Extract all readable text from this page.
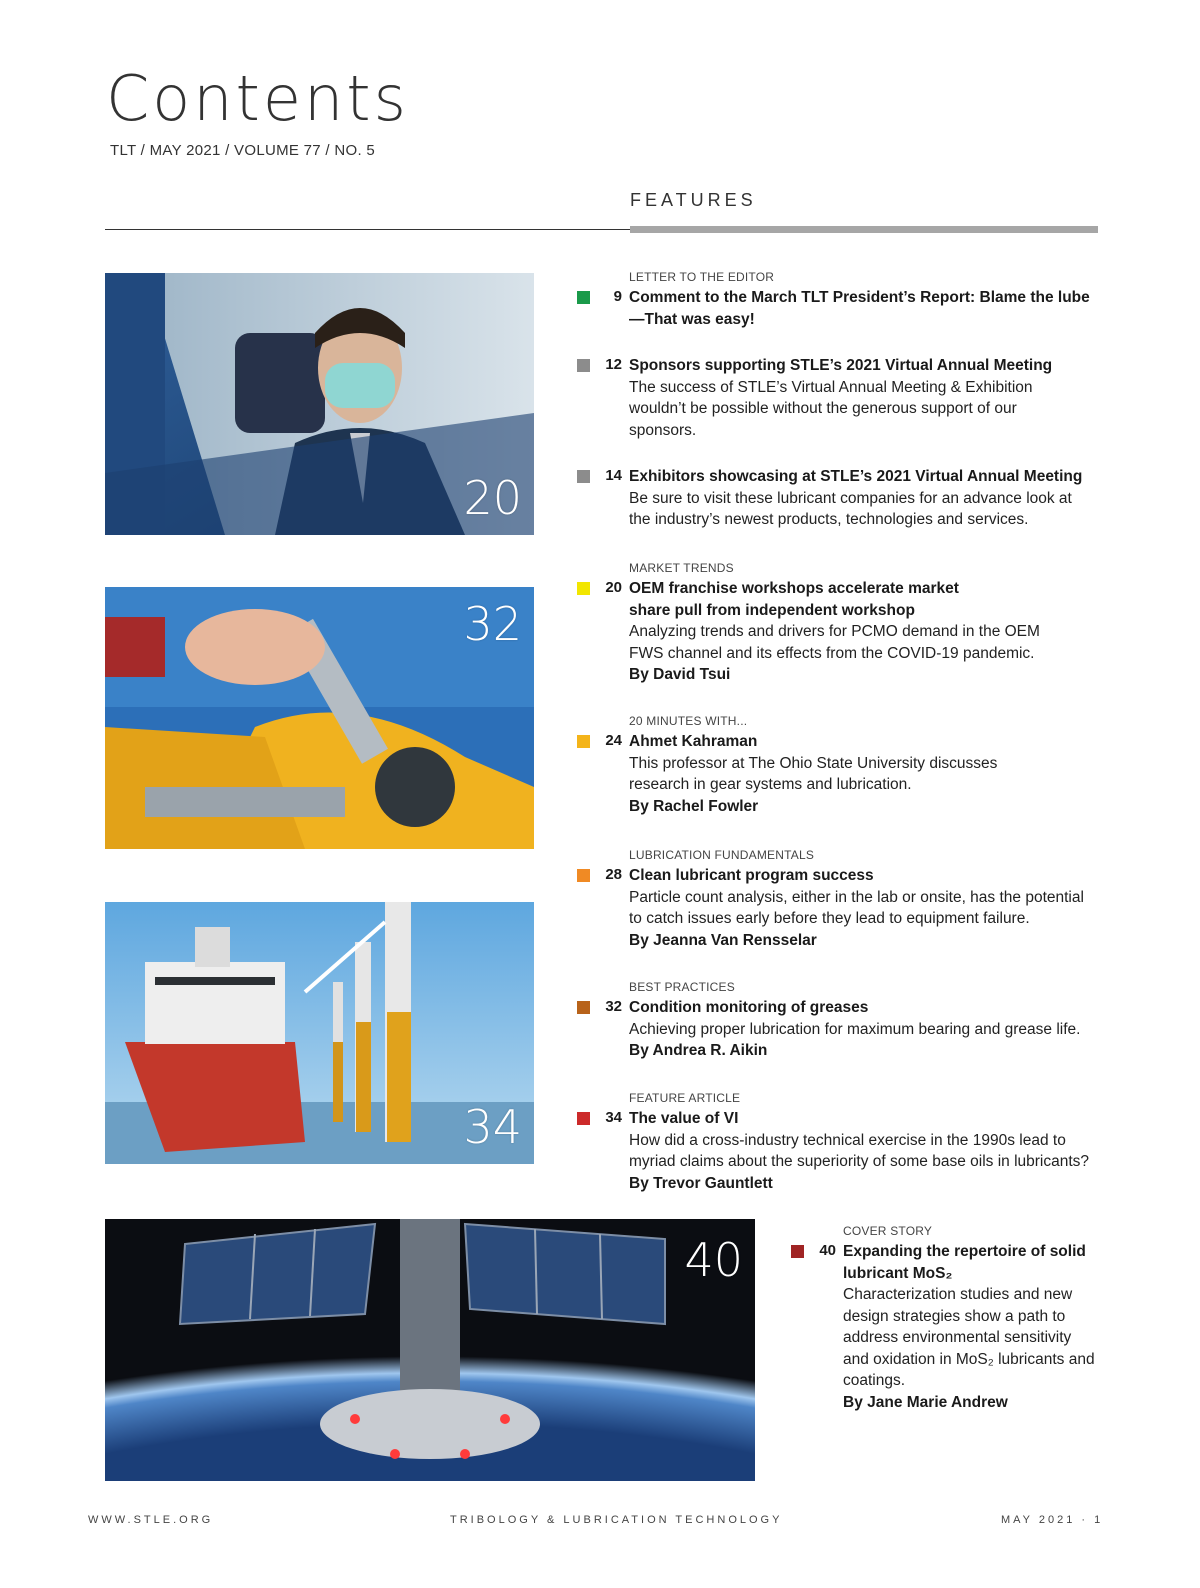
Contents
TLT / MAY 2021 / VOLUME 77 / NO. 5
FEATURES
20
32
34
40
LETTER TO THE EDITOR
9 Comment to the March TLT President’s Report: Blame the lube—That was easy!
12 Sponsors supporting STLE’s 2021 Virtual Annual Meeting
The success of STLE’s Virtual Annual Meeting & Exhibition wouldn’t be possible without the generous support of our sponsors.
14 Exhibitors showcasing at STLE’s 2021 Virtual Annual Meeting
Be sure to visit these lubricant companies for an advance look at the industry’s newest products, technologies and services.
MARKET TRENDS
20 OEM franchise workshops accelerate market share pull from independent workshop
Analyzing trends and drivers for PCMO demand in the OEM FWS channel and its effects from the COVID-19 pandemic.
By David Tsui
20 MINUTES WITH...
24 Ahmet Kahraman
This professor at The Ohio State University discusses research in gear systems and lubrication.
By Rachel Fowler
LUBRICATION FUNDAMENTALS
28 Clean lubricant program success
Particle count analysis, either in the lab or onsite, has the potential to catch issues early before they lead to equipment failure.
By Jeanna Van Rensselar
BEST PRACTICES
32 Condition monitoring of greases
Achieving proper lubrication for maximum bearing and grease life.
By Andrea R. Aikin
FEATURE ARTICLE
34 The value of VI
How did a cross-industry technical exercise in the 1990s lead to myriad claims about the superiority of some base oils in lubricants?
By Trevor Gauntlett
COVER STORY
40 Expanding the repertoire of solid lubricant MoS₂
Characterization studies and new design strategies show a path to address environmental sensitivity and oxidation in MoS₂ lubricants and coatings.
By Jane Marie Andrew
WWW.STLE.ORG	TRIBOLOGY & LUBRICATION TECHNOLOGY	MAY 2021 · 1
